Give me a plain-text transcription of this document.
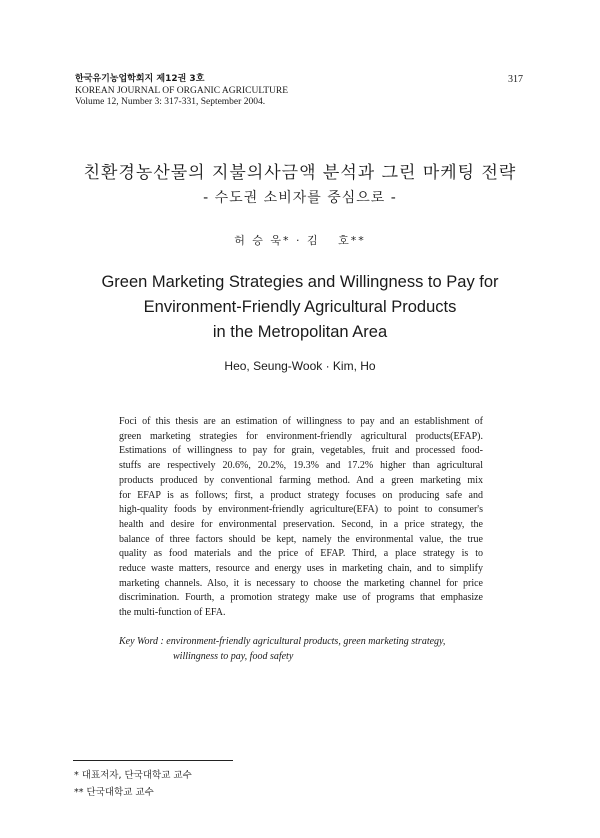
한국유기농업학회지 제12권 3호
KOREAN JOURNAL OF ORGANIC AGRICULTURE
Volume 12, Number 3: 317-331, September 2004.
317
친환경농산물의 지불의사금액 분석과 그린 마케팅 전략
- 수도권 소비자를 중심으로 -
허 승 욱* · 김　 호**
Green Marketing Strategies and Willingness to Pay for
Environment-Friendly Agricultural Products
in the Metropolitan Area
Heo, Seung-Wook · Kim, Ho
Foci of this thesis are an estimation of willingness to pay and an establishment of
green marketing strategies for environment-friendly agricultural products(EFAP).
Estimations of willingness to pay for grain, vegetables, fruit and processed food-
stuffs are respectively 20.6%, 20.2%, 19.3% and 17.2% higher than agricultural
products produced by conventional farming method. And a green marketing mix
for EFAP is as follows; first, a product strategy focuses on producing safe and
high-quality foods by environment-friendly agriculture(EFA) to point to consumer's
health and desire for environmental preservation. Second, in a price strategy, the
balance of three factors should be kept, namely the environmental value, the true
quality as food materials and the price of EFAP. Third, a place strategy is to
reduce waste matters, resource and energy uses in marketing chain, and to simplify
marketing channels. Also, it is necessary to choose the marketing channel for price
discrimination. Fourth, a promotion strategy make use of programs that emphasize
the multi-function of EFA.
Key Word : environment-friendly agricultural products, green marketing strategy,
willingness to pay, food safety
* 대표저자, 단국대학교 교수
** 단국대학교 교수
